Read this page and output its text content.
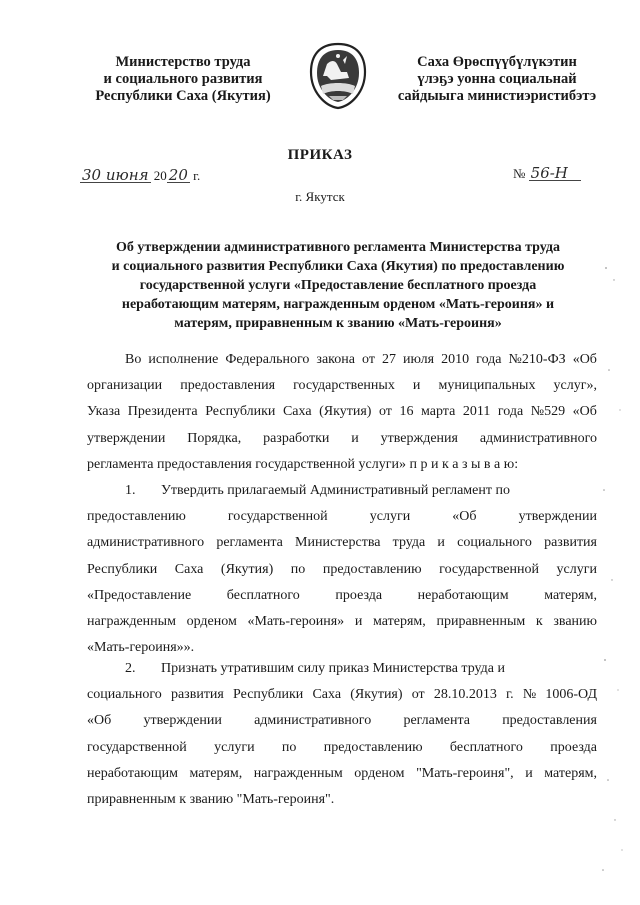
Министерство труда
и социального развития
Республики Саха (Якутия)
Саха Өрөспүүбүлүкэтин
үлэҕэ уонна социальнай
сайдыыга министиэристибэтэ
ПРИКАЗ
30 июня 20 20 г.	№ 56-Н
г. Якутск
Об утверждении административного регламента Министерства труда
и социального развития Республики Саха (Якутия) по предоставлению
государственной услуги «Предоставление бесплатного проезда
неработающим матерям, награжденным орденом «Мать-героиня» и
матерям, приравненным к званию «Мать-героиня»
Во исполнение Федерального закона от 27 июля 2010 года №210-ФЗ «Об
организации предоставления государственных и муниципальных услуг»,
Указа Президента Республики Саха (Якутия) от 16 марта 2011 года №529 «Об
утверждении Порядка, разработки и утверждения административного
регламента предоставления государственной услуги» п р и к а з ы в а ю:
1. Утвердить прилагаемый Административный регламент по
предоставлению	государственной	услуги	«Об	утверждении
административного регламента Министерства труда и социального развития
Республики Саха (Якутия) по предоставлению государственной услуги
«Предоставление	бесплатного	проезда	неработающим	матерям,
награжденным орденом «Мать-героиня» и матерям, приравненным к званию
«Мать-героиня»».
2. Признать утратившим силу приказ Министерства труда и
социального развития Республики Саха (Якутия) от 28.10.2013 г. № 1006-ОД
«Об утверждении административного регламента предоставления
государственной услуги по предоставлению бесплатного проезда
неработающим матерям, награжденным орденом "Мать-героиня", и матерям,
приравненным к званию "Мать-героиня".
